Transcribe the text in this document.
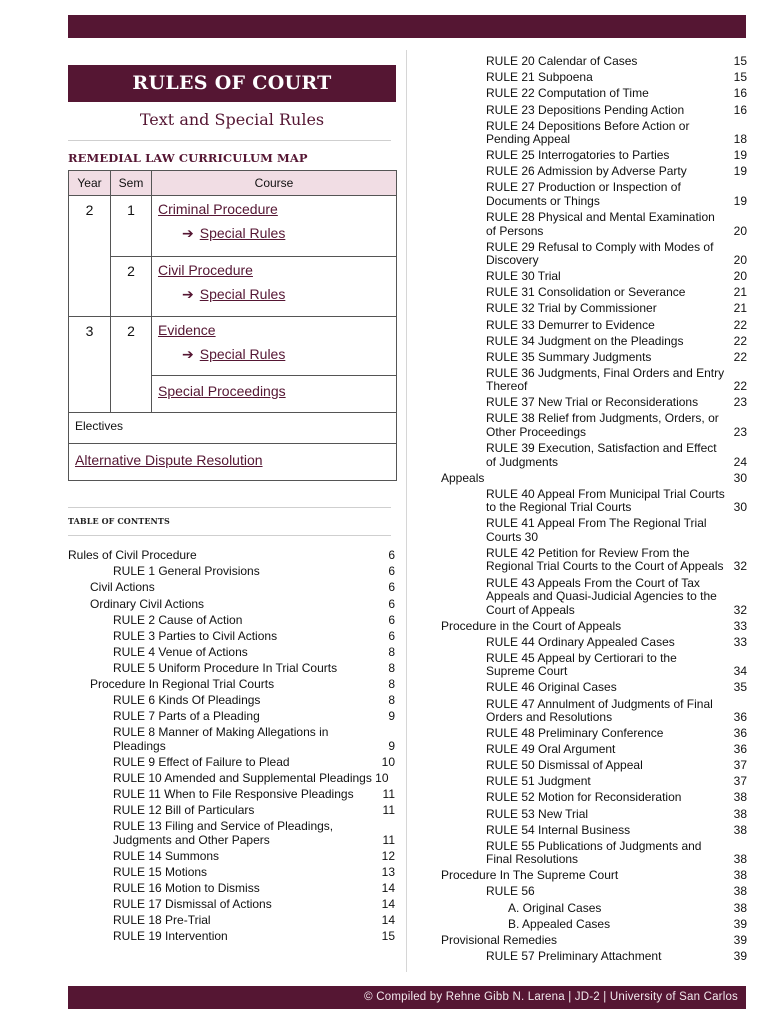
RULES OF COURT
Text and Special Rules
REMEDIAL LAW CURRICULUM MAP
Year	Sem	Course
2	1	Criminal Procedure
➔ Special Rules

	2	Civil Procedure
➔ Special Rules

3	2	Evidence
➔ Special Rules

		Special Proceedings

Electives		

Alternative Dispute Resolution		
TABLE OF CONTENTS
Rules of Civil Procedure	6
RULE 1 General Provisions	6
Civil Actions	6
Ordinary Civil Actions	6
RULE 2 Cause of Action	6
RULE 3 Parties to Civil Actions	6
RULE 4 Venue of Actions	8
RULE 5 Uniform Procedure In Trial Courts	8
Procedure In Regional Trial Courts	8
RULE 6 Kinds Of Pleadings	8
RULE 7 Parts of a Pleading	9
RULE 8 Manner of Making Allegations in Pleadings	9
RULE 9 Effect of Failure to Plead	10
RULE 10 Amended and Supplemental Pleadings 10
RULE 11 When to File Responsive Pleadings	11
RULE 12 Bill of Particulars	11
RULE 13 Filing and Service of Pleadings, Judgments and Other Papers	11
RULE 14 Summons	12
RULE 15 Motions	13
RULE 16 Motion to Dismiss	14
RULE 17 Dismissal of Actions	14
RULE 18 Pre-Trial	14
RULE 19 Intervention	15
RULE 20 Calendar of Cases	15
RULE 21 Subpoena	15
RULE 22 Computation of Time	16
RULE 23 Depositions Pending Action	16
RULE 24 Depositions Before Action or Pending Appeal	18
RULE 25 Interrogatories to Parties	19
RULE 26 Admission by Adverse Party	19
RULE 27 Production or Inspection of Documents or Things	19
RULE 28 Physical and Mental Examination of Persons	20
RULE 29 Refusal to Comply with Modes of Discovery	20
RULE 30 Trial	20
RULE 31 Consolidation or Severance	21
RULE 32 Trial by Commissioner	21
RULE 33 Demurrer to Evidence	22
RULE 34 Judgment on the Pleadings	22
RULE 35 Summary Judgments	22
RULE 36 Judgments, Final Orders and Entry Thereof	22
RULE 37 New Trial or Reconsiderations	23
RULE 38 Relief from Judgments, Orders, or Other Proceedings	23
RULE 39 Execution, Satisfaction and Effect of Judgments	24
Appeals	30
RULE 40 Appeal From Municipal Trial Courts to the Regional Trial Courts	30
RULE 41 Appeal From The Regional Trial Courts 30
RULE 42 Petition for Review From the Regional Trial Courts to the Court of Appeals 32
RULE 43 Appeals From the Court of Tax Appeals and Quasi-Judicial Agencies to the Court of Appeals	32
Procedure in the Court of Appeals	33
RULE 44 Ordinary Appealed Cases	33
RULE 45 Appeal by Certiorari to the Supreme Court	34
RULE 46 Original Cases	35
RULE 47 Annulment of Judgments of Final Orders and Resolutions	36
RULE 48 Preliminary Conference	36
RULE 49 Oral Argument	36
RULE 50 Dismissal of Appeal	37
RULE 51 Judgment	37
RULE 52 Motion for Reconsideration	38
RULE 53 New Trial	38
RULE 54 Internal Business	38
RULE 55 Publications of Judgments and Final Resolutions	38
Procedure In The Supreme Court	38
RULE 56	38
A. Original Cases	38
B. Appealed Cases	39
Provisional Remedies	39
RULE 57 Preliminary Attachment	39
© Compiled by Rehne Gibb N. Larena | JD-2 | University of San Carlos
